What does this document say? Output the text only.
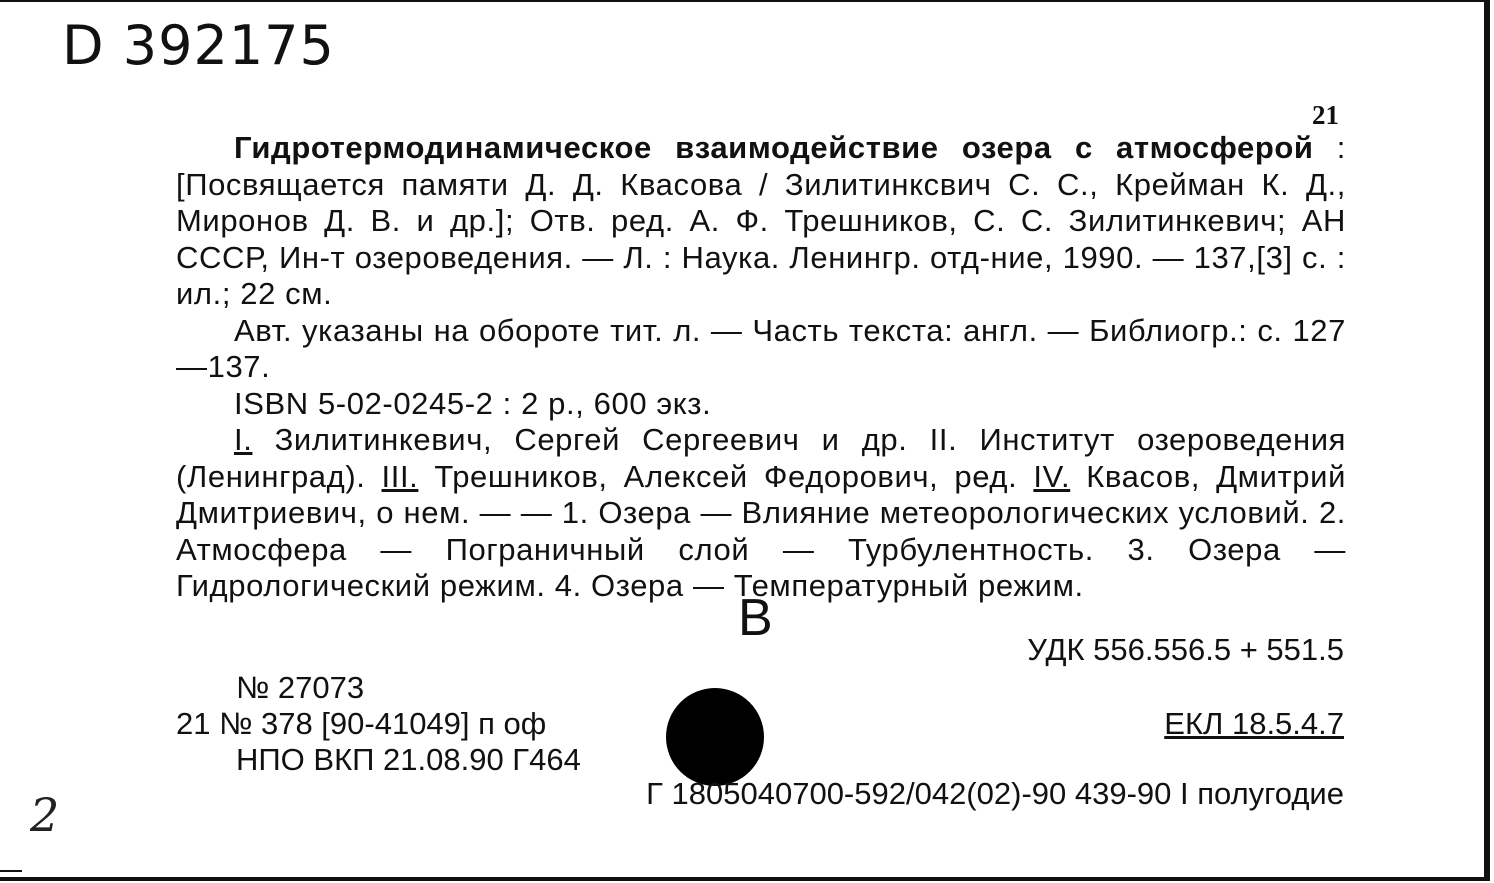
D 392175
21

Гидротермодинамическое взаимодействие озера с атмосферой : [Посвящается памяти Д. Д. Квасова / Зилитинксвич С. С., Крейман К. Д., Миронов Д. В. и др.]; Отв. ред. А. Ф. Трешников, С. С. Зилитинкевич; АН СССР, Ин-т озероведения. — Л. : Наука. Ленингр. отд-ние, 1990. — 137,[3] с. : ил.; 22 см.

Авт. указаны на обороте тит. л. — Часть текста: англ. — Библиогр.: с. 127—137.

ISBN 5-02-0245-2 : 2 р., 600 экз.

I. Зилитинкевич, Сергей Сергеевич и др. II. Институт озероведения (Ленинград). III. Трешников, Алексей Федорович, ред. IV. Квасов, Дмитрий Дмитриевич, о нем. — — 1. Озера — Влияние метеорологических условий. 2. Атмосфера — Пограничный слой — Турбулентность. 3. Озера — Гидрологический режим. 4. Озера — Температурный режим.

В
УДК 556.556.5 + 551.5
№ 27073
21 № 378 [90-41049] п оф	ЕКЛ 18.5.4.7
НПО ВКП 21.08.90 Г464
Г 1805040700-592/042(02)-90 439-90 I полугодие
2
